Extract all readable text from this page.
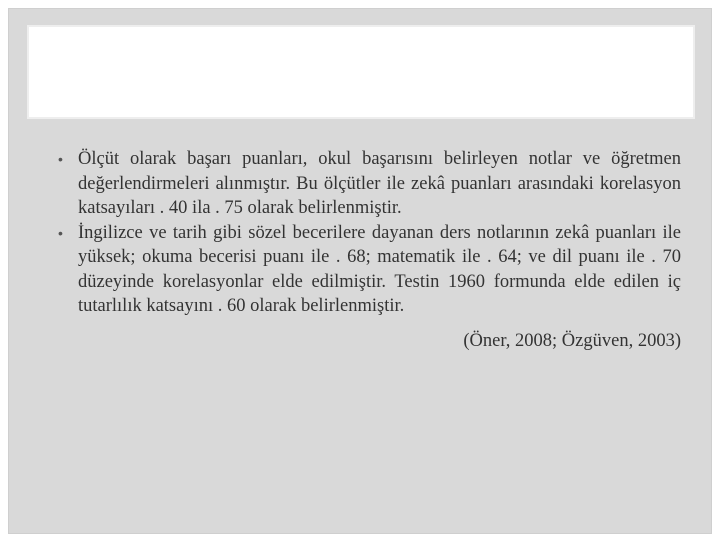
• Ölçüt olarak başarı puanları, okul başarısını belirleyen notlar ve öğretmen değerlendirmeleri alınmıştır. Bu ölçütler ile zekâ puanları arasındaki korelasyon katsayıları . 40 ila . 75 olarak belirlenmiştir.
• İngilizce ve tarih gibi sözel becerilere dayanan ders notlarının zekâ puanları ile yüksek; okuma becerisi puanı ile . 68; matematik ile . 64; ve dil puanı ile . 70 düzeyinde korelasyonlar elde edilmiştir. Testin 1960 formunda elde edilen iç tutarlılık katsayını . 60 olarak belirlenmiştir.
(Öner, 2008; Özgüven, 2003)
